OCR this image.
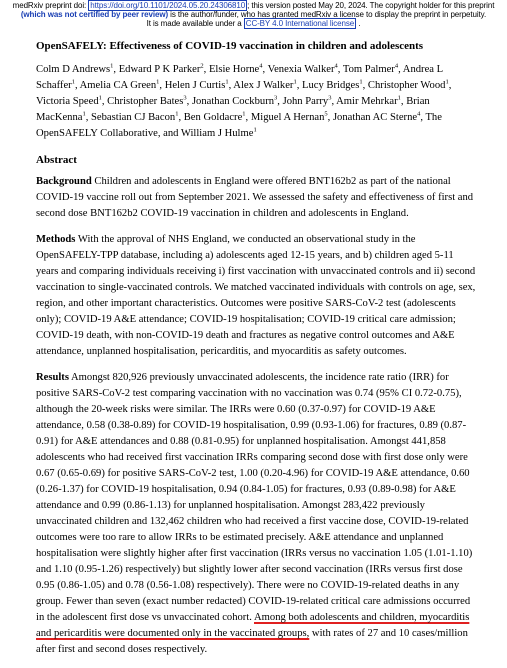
medRxiv preprint doi: https://doi.org/10.1101/2024.05.20.24306810 ; this version posted May 20, 2024. The copyright holder for this preprint
(which was not certified by peer review) is the author/funder, who has granted medRxiv a license to display the preprint in perpetuity.
It is made available under a CC-BY 4.0 International license .
OpenSAFELY: Effectiveness of COVID-19 vaccination in children and adolescents
Colm D Andrews$^1$, Edward P K Parker$^2$, Elsie Horne$^4$, Venexia Walker$^4$, Tom Palmer$^4$, Andrea L Schaffer$^1$, Amelia CA Green$^1$, Helen J Curtis$^1$, Alex J Walker$^1$, Lucy Bridges$^1$, Christopher Wood$^1$, Victoria Speed$^1$, Christopher Bates$^3$, Jonathan Cockburn$^3$, John Parry$^3$, Amir Mehrkar$^1$, Brian MacKenna$^1$, Sebastian CJ Bacon$^1$, Ben Goldacre$^1$, Miguel A Hernan$^5$, Jonathan AC Sterne$^4$, The OpenSAFELY Collaborative, and William J Hulme$^1$
Abstract

Background Children and adolescents in England were offered BNT162b2 as part of the national COVID-19 vaccine roll out from September 2021. We assessed the safety and effectiveness of first and second dose BNT162b2 COVID-19 vaccination in children and adolescents in England.

Methods With the approval of NHS England, we conducted an observational study in the OpenSAFELY-TPP database, including a) adolescents aged 12-15 years, and b) children aged 5-11 years and comparing individuals receiving i) first vaccination with unvaccinated controls and ii) second vaccination to single-vaccinated controls. We matched vaccinated individuals with controls on age, sex, region, and other important characteristics. Outcomes were positive SARS-CoV-2 test (adolescents only); COVID-19 A&E attendance; COVID-19 hospitalisation; COVID-19 critical care admission; COVID-19 death, with non-COVID-19 death and fractures as negative control outcomes and A&E attendance, unplanned hospitalisation, pericarditis, and myocarditis as safety outcomes.

Results Amongst 820,926 previously unvaccinated adolescents, the incidence rate ratio (IRR) for positive SARS-CoV-2 test comparing vaccination with no vaccination was 0.74 (95% CI 0.72-0.75), although the 20-week risks were similar. The IRRs were 0.60 (0.37-0.97) for COVID-19 A&E attendance, 0.58 (0.38-0.89) for COVID-19 hospitalisation, 0.99 (0.93-1.06) for fractures, 0.89 (0.87-0.91) for A&E attendances and 0.88 (0.81-0.95) for unplanned hospitalisation. Amongst 441,858 adolescents who had received first vaccination IRRs comparing second dose with first dose only were 0.67 (0.65-0.69) for positive SARS-CoV-2 test, 1.00 (0.20-4.96) for COVID-19 A&E attendance, 0.60 (0.26-1.37) for COVID-19 hospitalisation, 0.94 (0.84-1.05) for fractures, 0.93 (0.89-0.98) for A&E attendance and 0.99 (0.86-1.13) for unplanned hospitalisation. Amongst 283,422 previously unvaccinated children and 132,462 children who had received a first vaccine dose, COVID-19-related outcomes were too rare to allow IRRs to be estimated precisely. A&E attendance and unplanned hospitalisation were slightly higher after first vaccination (IRRs versus no vaccination 1.05 (1.01-1.10) and 1.10 (0.95-1.26) respectively) but slightly lower after second vaccination (IRRs versus first dose 0.95 (0.86-1.05) and 0.78 (0.56-1.08) respectively). There were no COVID-19-related deaths in any group. Fewer than seven (exact number redacted) COVID-19-related critical care admissions occurred in the adolescent first dose vs unvaccinated cohort. Among both adolescents and children, myocarditis and pericarditis were documented only in the vaccinated groups, with rates of 27 and 10 cases/million after first and second doses respectively.
